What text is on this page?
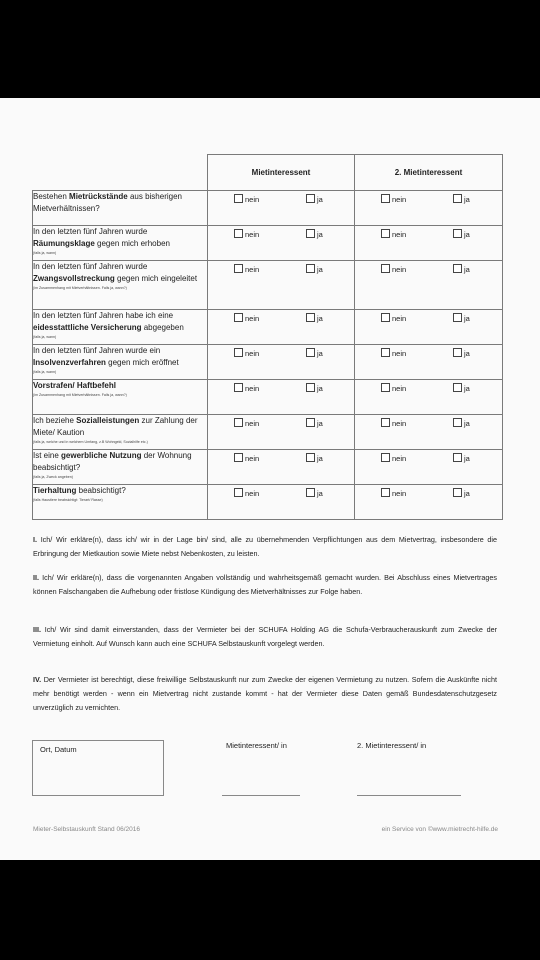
	Mietinteressent	2. Mietinteressent

Bestehen Mietrückstände aus bisherigen Mietverhältnissen?	nein ja	nein ja

In den letzten fünf Jahren wurde Räumungsklage gegen mich erhoben
(falls ja, wann)	nein ja	nein ja

In den letzten fünf Jahren wurde Zwangsvollstreckung gegen mich eingeleitet
(im Zusammenhang mit Mietverhältnissen. Falls ja, wann?)	nein ja	nein ja

In den letzten fünf Jahren habe ich eine eidesstattliche Versicherung abgegeben
(falls ja, wann)	nein ja	nein ja

In den letzten fünf Jahren wurde ein Insolvenzverfahren gegen mich eröffnet
(falls ja, wann)	nein ja	nein ja

Vorstrafen/ Haftbefehl
(im Zusammenhang mit Mietverhältnissen. Falls ja, wann?)	nein ja	nein ja

Ich beziehe Sozialleistungen zur Zahlung der Miete/ Kaution
(falls ja, welche und in welchem Umfang, z.B Wohngeld, Sozialhilfe etc.)	nein ja	nein ja

Ist eine gewerbliche Nutzung der Wohnung beabsichtigt?
(falls ja, Zweck angeben)	nein ja	nein ja

Tierhaltung beabsichtigt?
(falls Haustiere beabsichtigt: Tierart/ Rasse)	nein ja	nein ja
I. Ich/ Wir erkläre(n), dass ich/ wir in der Lage bin/ sind, alle zu übernehmenden Verpflichtungen aus dem Mietvertrag, insbesondere die Erbringung der Mietkaution sowie Miete nebst Nebenkosten, zu leisten.
II. Ich/ Wir erkläre(n), dass die vorgenannten Angaben vollständig und wahrheitsgemäß gemacht wurden. Bei Abschluss eines Mietvertrages können Falschangaben die Aufhebung oder fristlose Kündigung des Mietverhältnisses zur Folge haben.
III. Ich/ Wir sind damit einverstanden, dass der Vermieter bei der SCHUFA Holding AG die Schufa-Verbraucherauskunft zum Zwecke der Vermietung einholt. Auf Wunsch kann auch eine SCHUFA Selbstauskunft vorgelegt werden.
IV. Der Vermieter ist berechtigt, diese freiwillige Selbstauskunft nur zum Zwecke der eigenen Vermietung zu nutzen. Sofern die Auskünfte nicht mehr benötigt werden - wenn ein Mietvertrag nicht zustande kommt - hat der Vermieter diese Daten gemäß Bundesdatenschutzgesetz unverzüglich zu vernichten.
Ort, Datum	Mietinteressent/ in	2. Mietinteressent/ in
Mieter-Selbstauskunft Stand 06/2016	ein Service von ©www.mietrecht-hilfe.de
